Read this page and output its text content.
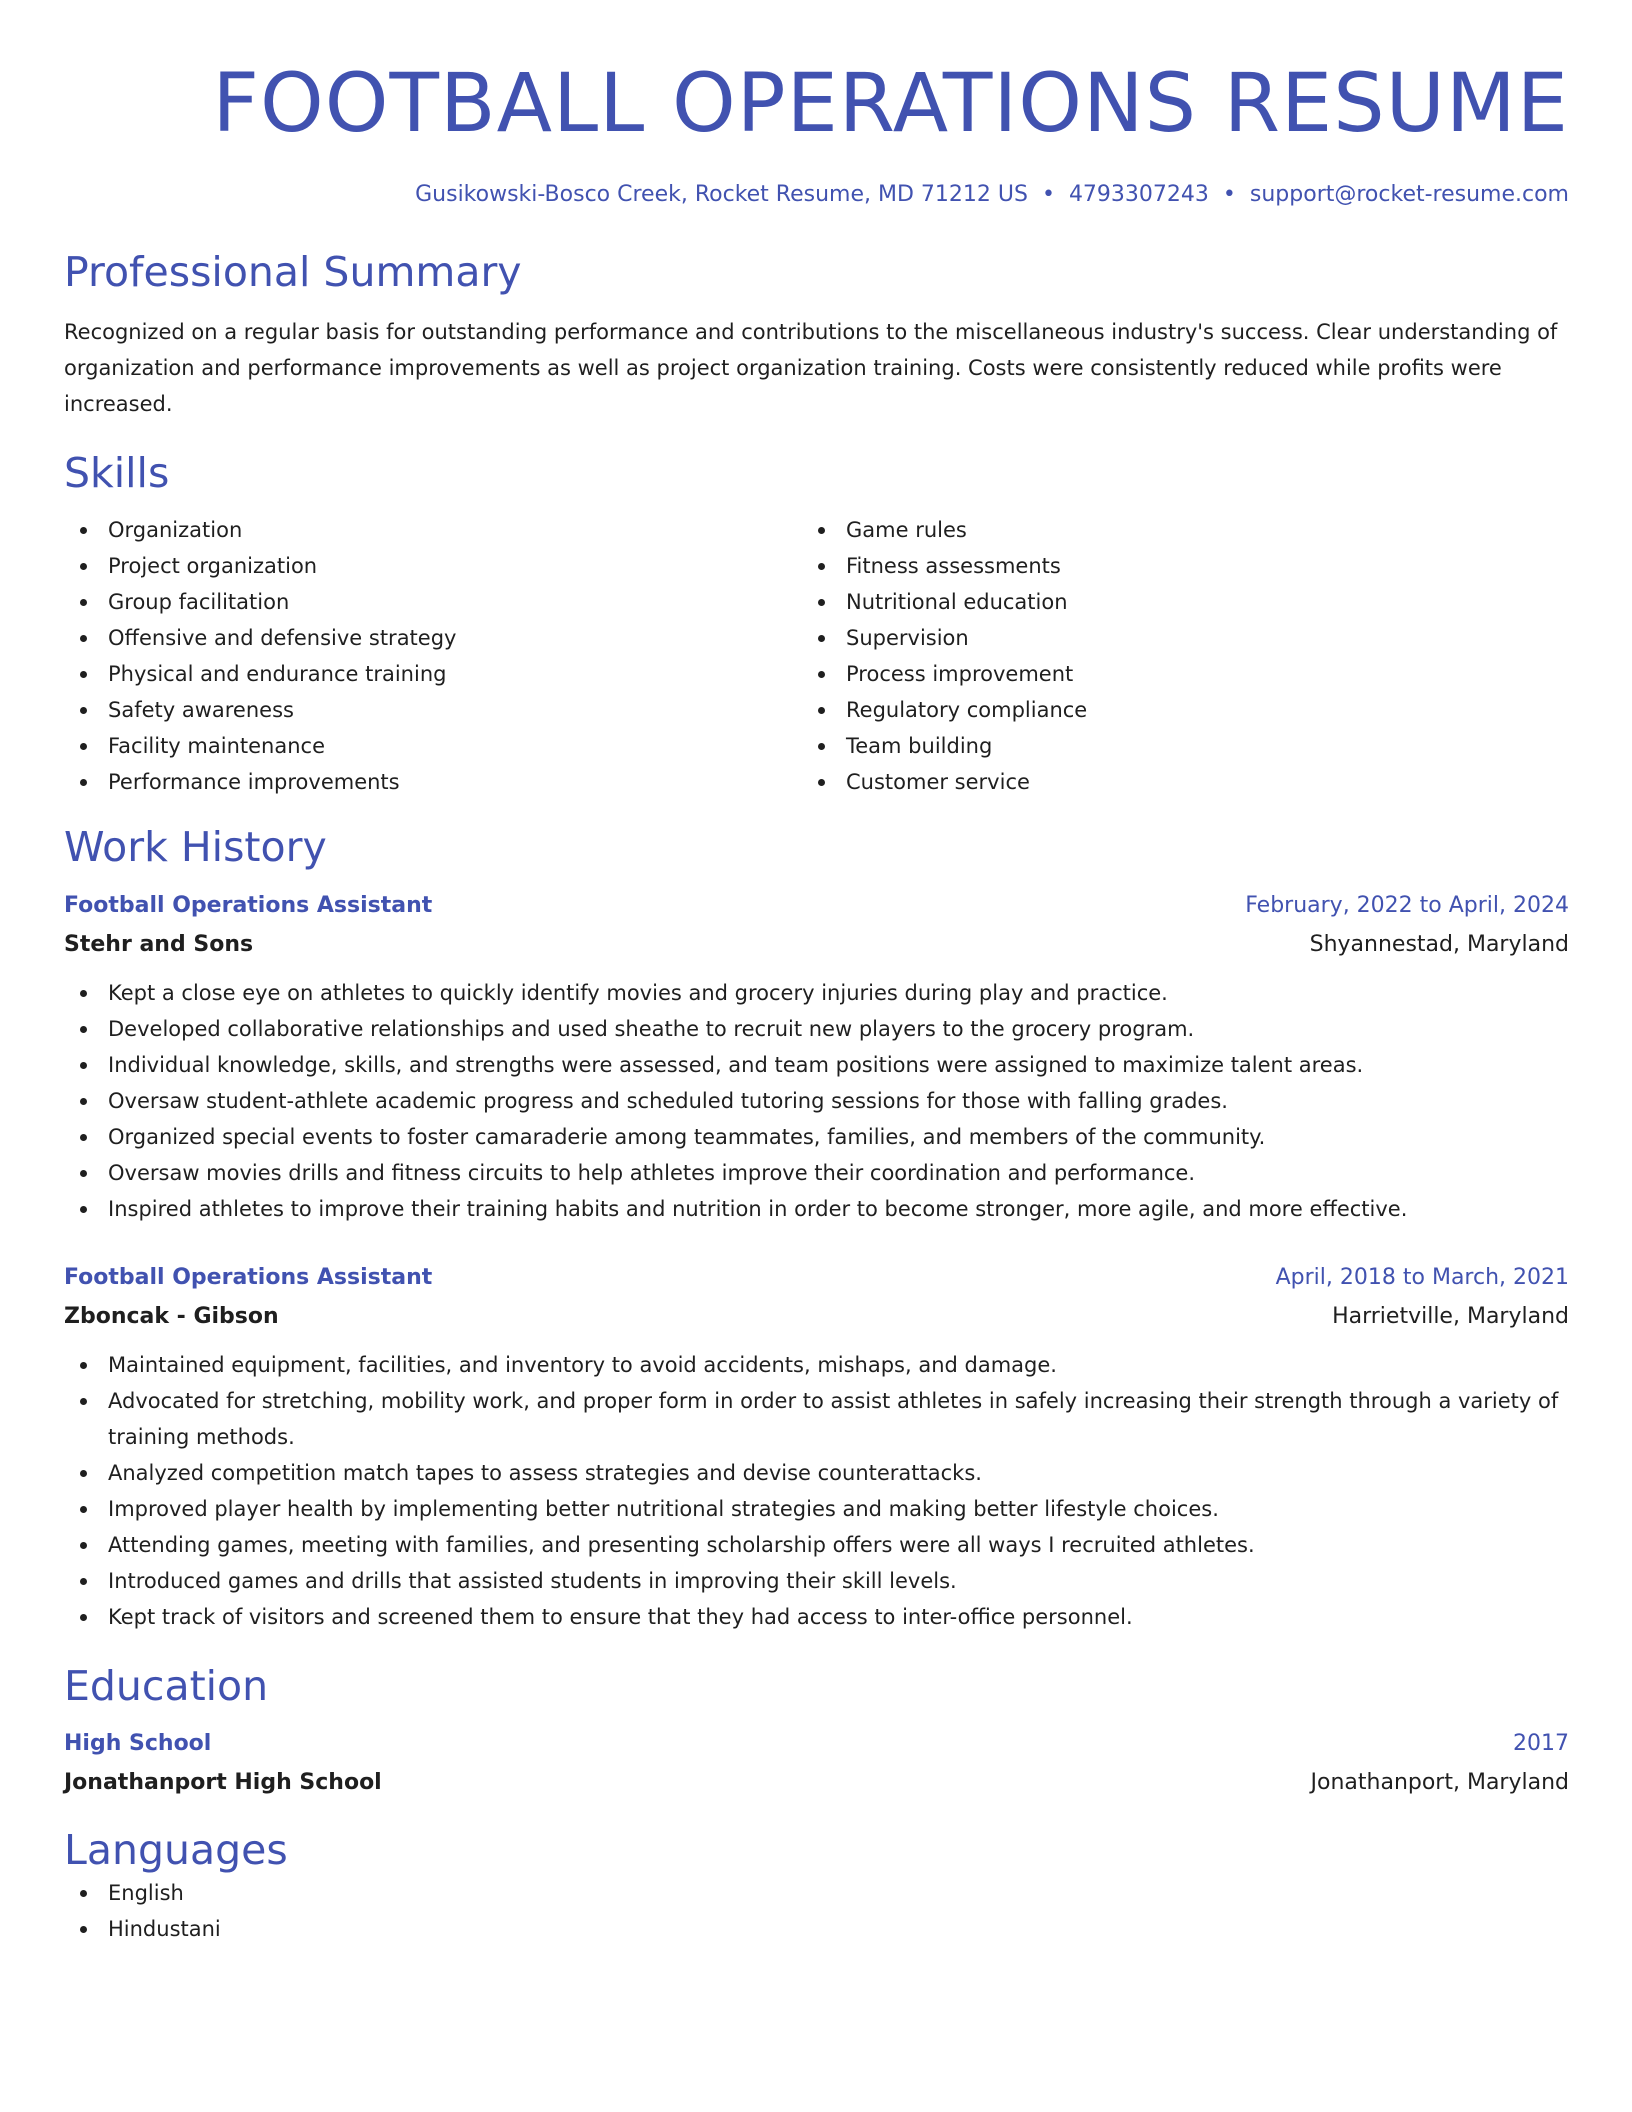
FOOTBALL OPERATIONS RESUME
Gusikowski-Bosco Creek, Rocket Resume, MD 71212 US • 4793307243 • support@rocket-resume.com
Professional Summary
Recognized on a regular basis for outstanding performance and contributions to the miscellaneous industry's success. Clear understanding of organization and performance improvements as well as project organization training. Costs were consistently reduced while profits were increased.
Skills
Organization
Project organization
Group facilitation
Offensive and defensive strategy
Physical and endurance training
Safety awareness
Facility maintenance
Performance improvements
Game rules
Fitness assessments
Nutritional education
Supervision
Process improvement
Regulatory compliance
Team building
Customer service
Work History
Football Operations Assistant	February, 2022 to April, 2024
Stehr and Sons	Shyannestad, Maryland
Kept a close eye on athletes to quickly identify movies and grocery injuries during play and practice.
Developed collaborative relationships and used sheathe to recruit new players to the grocery program.
Individual knowledge, skills, and strengths were assessed, and team positions were assigned to maximize talent areas.
Oversaw student-athlete academic progress and scheduled tutoring sessions for those with falling grades.
Organized special events to foster camaraderie among teammates, families, and members of the community.
Oversaw movies drills and fitness circuits to help athletes improve their coordination and performance.
Inspired athletes to improve their training habits and nutrition in order to become stronger, more agile, and more effective.
Football Operations Assistant	April, 2018 to March, 2021
Zboncak - Gibson	Harrietville, Maryland
Maintained equipment, facilities, and inventory to avoid accidents, mishaps, and damage.
Advocated for stretching, mobility work, and proper form in order to assist athletes in safely increasing their strength through a variety of training methods.
Analyzed competition match tapes to assess strategies and devise counterattacks.
Improved player health by implementing better nutritional strategies and making better lifestyle choices.
Attending games, meeting with families, and presenting scholarship offers were all ways I recruited athletes.
Introduced games and drills that assisted students in improving their skill levels.
Kept track of visitors and screened them to ensure that they had access to inter-office personnel.
Education
High School	2017
Jonathanport High School	Jonathanport, Maryland
Languages
English
Hindustani
